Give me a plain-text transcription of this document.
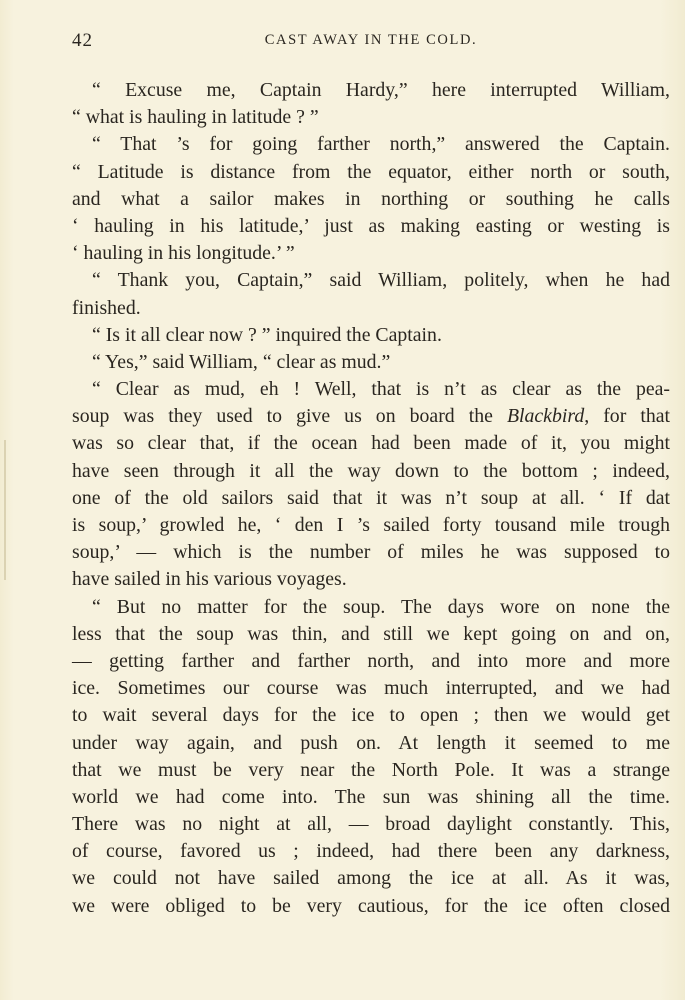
42	CAST AWAY IN THE COLD.
“ Excuse me, Captain Hardy,” here interrupted William,
“ what is hauling in latitude ? ”
“ That ’s for going farther north,” answered the Captain.
“ Latitude is distance from the equator, either north or south,
and what a sailor makes in northing or southing he calls
‘ hauling in his latitude,’ just as making easting or westing is
‘ hauling in his longitude.’ ”
“ Thank you, Captain,” said William, politely, when he had
finished.
“ Is it all clear now ? ” inquired the Captain.
“ Yes,” said William, “ clear as mud.”
“ Clear as mud, eh ! Well, that is n’t as clear as the pea-
soup was they used to give us on board the Blackbird, for that
was so clear that, if the ocean had been made of it, you might
have seen through it all the way down to the bottom ; indeed,
one of the old sailors said that it was n’t soup at all. ‘ If dat
is soup,’ growled he, ‘ den I ’s sailed forty tousand mile trough
soup,’ — which is the number of miles he was supposed to
have sailed in his various voyages.
“ But no matter for the soup. The days wore on none the
less that the soup was thin, and still we kept going on and on,
— getting farther and farther north, and into more and more
ice. Sometimes our course was much interrupted, and we had
to wait several days for the ice to open ; then we would get
under way again, and push on. At length it seemed to me
that we must be very near the North Pole. It was a strange
world we had come into. The sun was shining all the time.
There was no night at all, — broad daylight constantly. This,
of course, favored us ; indeed, had there been any darkness,
we could not have sailed among the ice at all. As it was,
we were obliged to be very cautious, for the ice often closed
